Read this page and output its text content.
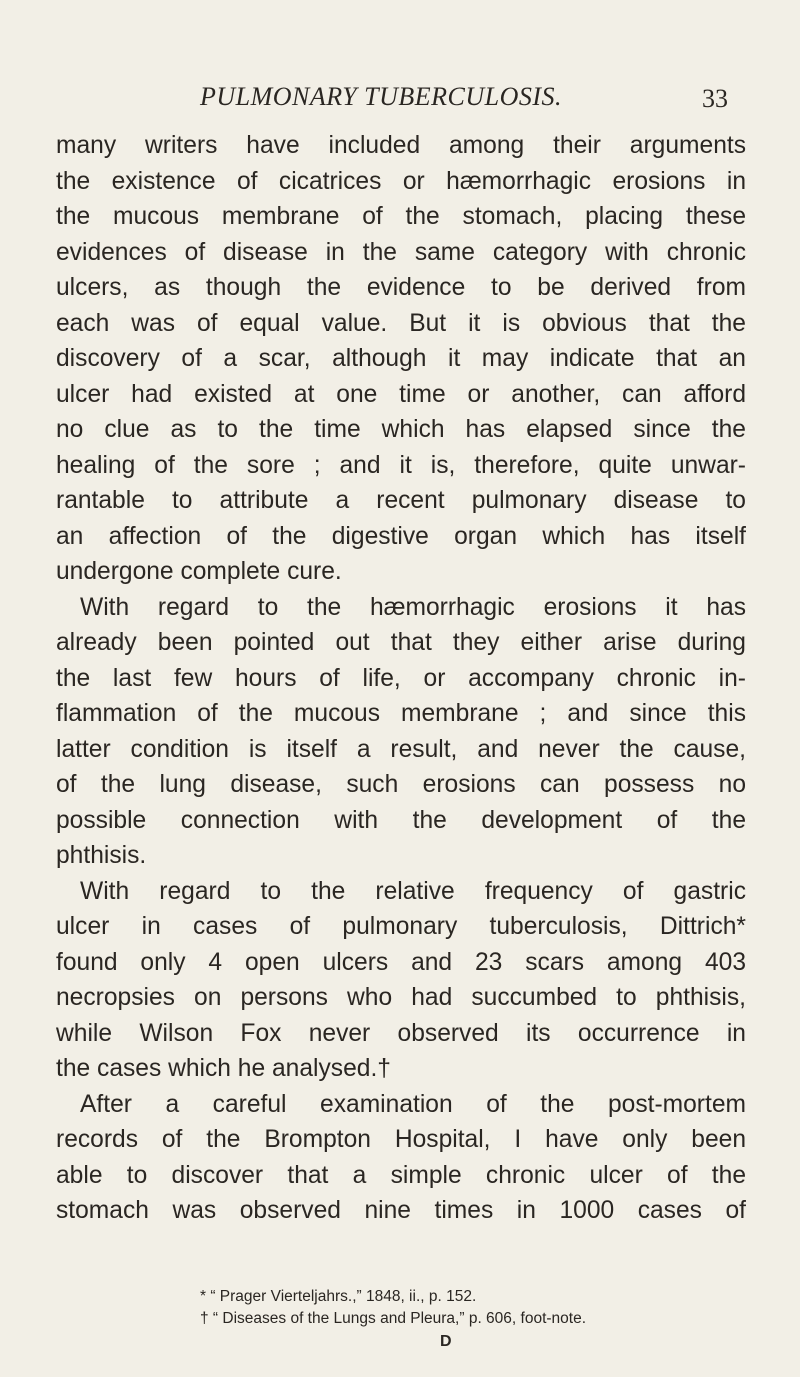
PULMONARY TUBERCULOSIS.	33
many writers have included among their arguments
the existence of cicatrices or hæmorrhagic erosions in
the mucous membrane of the stomach, placing these
evidences of disease in the same category with chronic
ulcers, as though the evidence to be derived from
each was of equal value. But it is obvious that the
discovery of a scar, although it may indicate that an
ulcer had existed at one time or another, can afford
no clue as to the time which has elapsed since the
healing of the sore ; and it is, therefore, quite unwar-
rantable to attribute a recent pulmonary disease to
an affection of the digestive organ which has itself
undergone complete cure.
With regard to the hæmorrhagic erosions it has
already been pointed out that they either arise during
the last few hours of life, or accompany chronic in-
flammation of the mucous membrane ; and since this
latter condition is itself a result, and never the cause,
of the lung disease, such erosions can possess no
possible connection with the development of the
phthisis.
With regard to the relative frequency of gastric
ulcer in cases of pulmonary tuberculosis, Dittrich*
found only 4 open ulcers and 23 scars among 403
necropsies on persons who had succumbed to phthisis,
while Wilson Fox never observed its occurrence in
the cases which he analysed.†
After a careful examination of the post-mortem
records of the Brompton Hospital, I have only been
able to discover that a simple chronic ulcer of the
stomach was observed nine times in 1000 cases of
* “ Prager Vierteljahrs.,” 1848, ii., p. 152.
† “ Diseases of the Lungs and Pleura,” p. 606, foot-note.
D
